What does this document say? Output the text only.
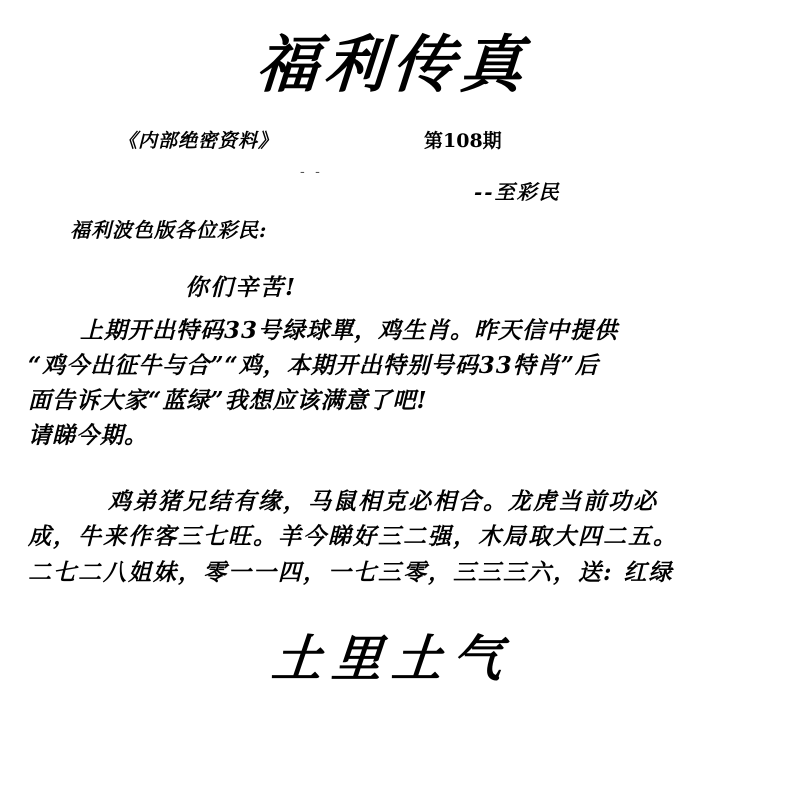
福利传真
《内部绝密资料》	第108期
- -
--至彩民
福利波色版各位彩民:
你们辛苦!
上期开出特码33号绿球單，鸡生肖。昨天信中提供
“鸡今出征牛与合”“鸡，本期开出特别号码33特肖”后
面告诉大家“蓝绿”我想应该满意了吧!
请睇今期。
鸡弟猪兄结有缘，马鼠相克必相合。龙虎当前功必
成，牛来作客三七旺。羊今睇好三二强，木局取大四二五。
二七二八姐妹，零一一四，一七三零，三三三六，送: 红绿
土里土气
